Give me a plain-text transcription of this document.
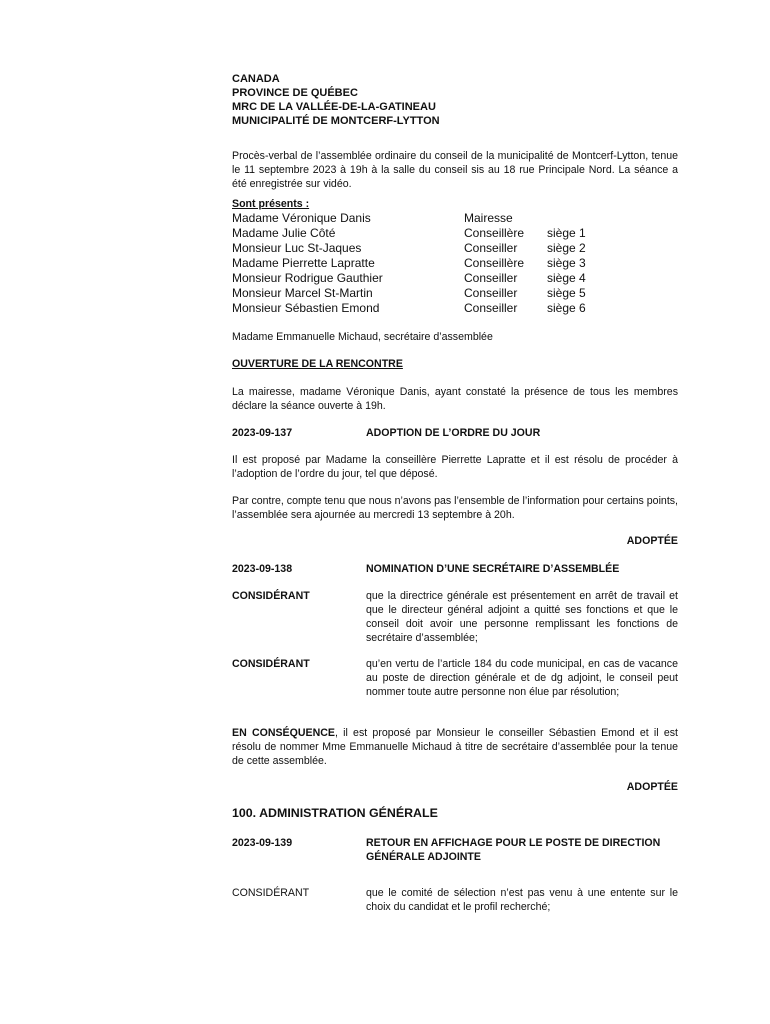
CANADA
PROVINCE DE QUÉBEC
MRC DE LA VALLÉE-DE-LA-GATINEAU
MUNICIPALITÉ DE MONTCERF-LYTTON

Procès-verbal de l’assemblée ordinaire du conseil de la municipalité de Montcerf-Lytton, tenue le 11 septembre 2023 à 19h à la salle du conseil sis au 18 rue Principale Nord. La séance a été enregistrée sur vidéo.

Sont présents :
Madame Véronique Danis	Mairesse
Madame Julie Côté	Conseillère siège 1
Monsieur Luc St-Jaques	Conseiller siège 2
Madame Pierrette Lapratte	Conseillère siège 3
Monsieur Rodrigue Gauthier	Conseiller siège 4
Monsieur Marcel St-Martin	Conseiller siège 5
Monsieur Sébastien Emond	Conseiller siège 6
Madame Emmanuelle Michaud, secrétaire d’assemblée
OUVERTURE DE LA RENCONTRE

La mairesse, madame Véronique Danis, ayant constaté la présence de tous les membres déclare la séance ouverte à 19h.

2023-09-137	ADOPTION DE L’ORDRE DU JOUR

Il est proposé par Madame la conseillère Pierrette Lapratte et il est résolu de procéder à l’adoption de l’ordre du jour, tel que déposé.

Par contre, compte tenu que nous n’avons pas l’ensemble de l’information pour certains points, l’assemblée sera ajournée au mercredi 13 septembre à 20h.

ADOPTÉE
2023-09-138	NOMINATION D’UNE SECRÉTAIRE D’ASSEMBLÉE
CONSIDÉRANT	que la directrice générale est présentement en arrêt de travail et que le directeur général adjoint a quitté ses fonctions et que le conseil doit avoir une personne remplissant les fonctions de secrétaire d’assemblée;
CONSIDÉRANT	qu’en vertu de l’article 184 du code municipal, en cas de vacance au poste de direction générale et de dg adjoint, le conseil peut nommer toute autre personne non élue par résolution;

EN CONSÉQUENCE, il est proposé par Monsieur le conseiller Sébastien Emond et il est résolu de nommer Mme Emmanuelle Michaud à titre de secrétaire d’assemblée pour la tenue de cette assemblée.

ADOPTÉE
100. ADMINISTRATION GÉNÉRALE
2023-09-139	RETOUR EN AFFICHAGE POUR LE POSTE DE DIRECTION GÉNÉRALE ADJOINTE
CONSIDÉRANT	que le comité de sélection n’est pas venu à une entente sur le choix du candidat et le profil recherché;
